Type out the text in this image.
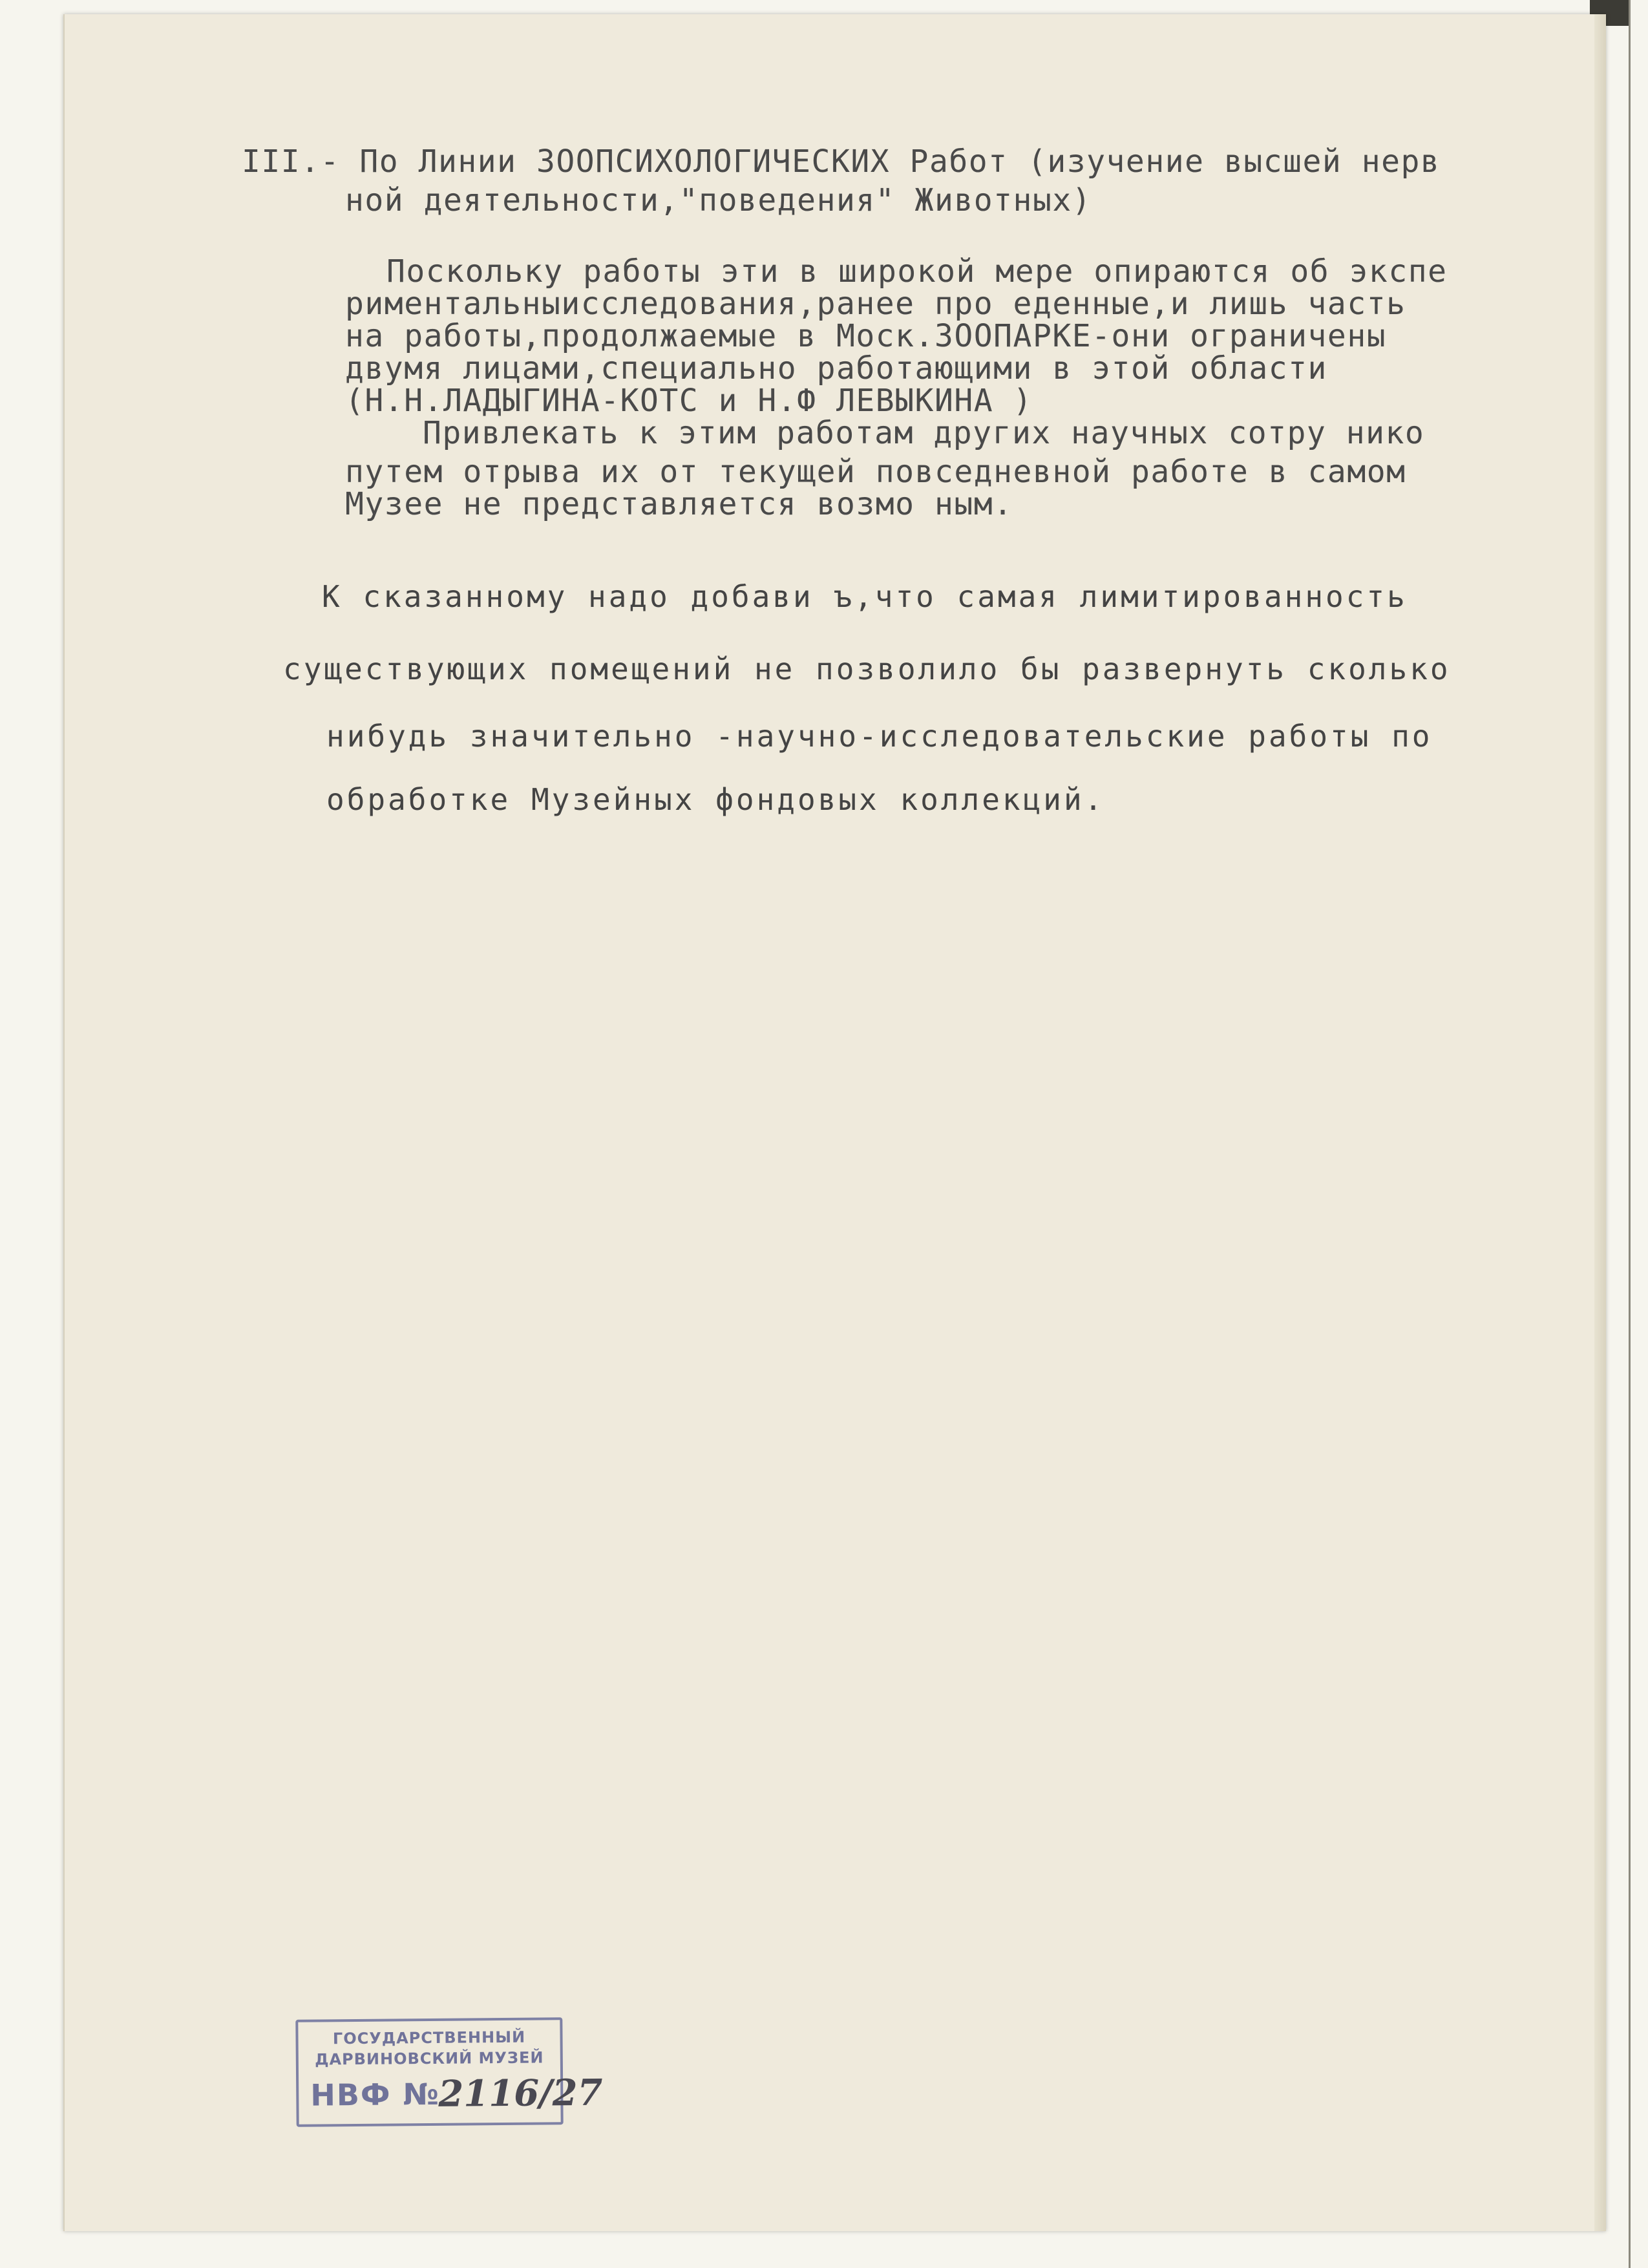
III.- По Линии ЗООПСИХОЛОГИЧЕСКИХ Работ (изучение высшей нерв
ной деятельности,"поведения" Животных)
Поскольку работы эти в широкой мере опираются об экспе
риментальныисследования,ранее про еденные,и лишь часть
на работы,продолжаемые в Моск.ЗООПАРКЕ-они ограничены
двумя лицами,специально работающими в этой области
(Н.Н.ЛАДЫГИНА-КОТС и Н.Ф ЛЕВЫКИНА )
Привлекать к этим работам других научных сотру нико
путем отрыва их от текущей повседневной работе в самом
Музее не представляется возмо ным.
К сказанному надо добави ъ,что самая лимитированность
существующих помещений не позволило бы развернуть сколько
нибудь значительно -научно-исследовательские работы по
обработке Музейных фондовых коллекций.
ГОСУДАРСТВЕННЫЙ
ДАРВИНОВСКИЙ МУЗЕЙ
НВФ №
2116/27
